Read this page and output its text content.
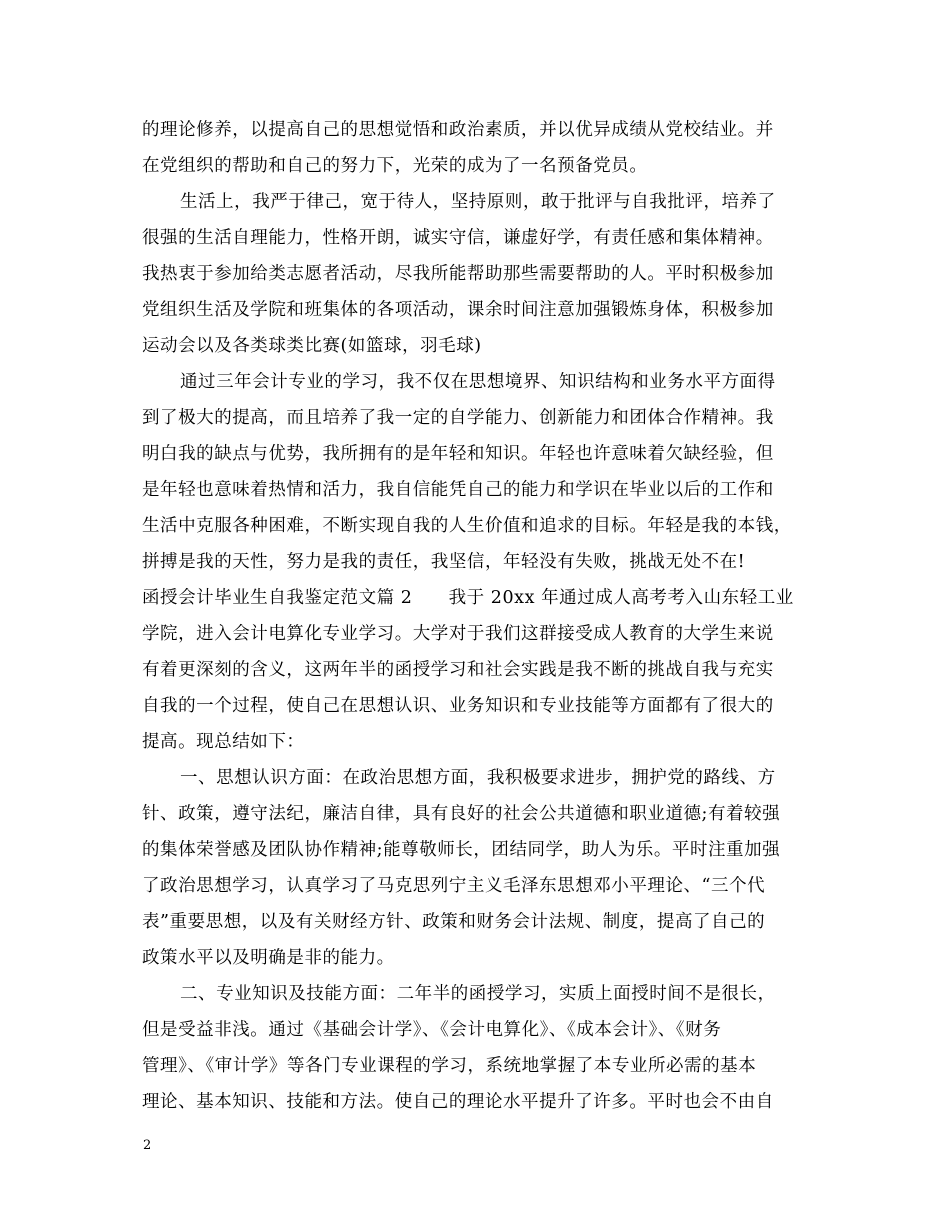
的理论修养，以提高自己的思想觉悟和政治素质，并以优异成绩从党校结业。并
在党组织的帮助和自己的努力下，光荣的成为了一名预备党员。
生活上，我严于律己，宽于待人，坚持原则，敢于批评与自我批评，培养了
很强的生活自理能力，性格开朗，诚实守信，谦虚好学，有责任感和集体精神。
我热衷于参加给类志愿者活动，尽我所能帮助那些需要帮助的人。平时积极参加
党组织生活及学院和班集体的各项活动，课余时间注意加强锻炼身体，积极参加
运动会以及各类球类比赛(如篮球，羽毛球)
通过三年会计专业的学习，我不仅在思想境界、知识结构和业务水平方面得
到了极大的提高，而且培养了我一定的自学能力、创新能力和团体合作精神。我
明白我的缺点与优势，我所拥有的是年轻和知识。年轻也许意味着欠缺经验，但
是年轻也意味着热情和活力，我自信能凭自己的能力和学识在毕业以后的工作和
生活中克服各种困难，不断实现自我的人生价值和追求的目标。年轻是我的本钱，
拼搏是我的天性，努力是我的责任，我坚信，年轻没有失败，挑战无处不在!
函授会计毕业生自我鉴定范文篇 2　　我于 20xx 年通过成人高考考入山东轻工业
学院，进入会计电算化专业学习。大学对于我们这群接受成人教育的大学生来说
有着更深刻的含义，这两年半的函授学习和社会实践是我不断的挑战自我与充实
自我的一个过程，使自己在思想认识、业务知识和专业技能等方面都有了很大的
提高。现总结如下：
一、思想认识方面：在政治思想方面，我积极要求进步，拥护党的路线、方
针、政策，遵守法纪，廉洁自律，具有良好的社会公共道德和职业道德;有着较强
的集体荣誉感及团队协作精神;能尊敬师长，团结同学，助人为乐。平时注重加强
了政治思想学习，认真学习了马克思列宁主义毛泽东思想邓小平理论、“三个代
表”重要思想，以及有关财经方针、政策和财务会计法规、制度，提高了自己的
政策水平以及明确是非的能力。
二、专业知识及技能方面：二年半的函授学习，实质上面授时间不是很长，
但是受益非浅。通过《基础会计学》、《会计电算化》、《成本会计》、《财务
管理》、《审计学》等各门专业课程的学习，系统地掌握了本专业所必需的基本
理论、基本知识、技能和方法。使自己的理论水平提升了许多。平时也会不由自
2
